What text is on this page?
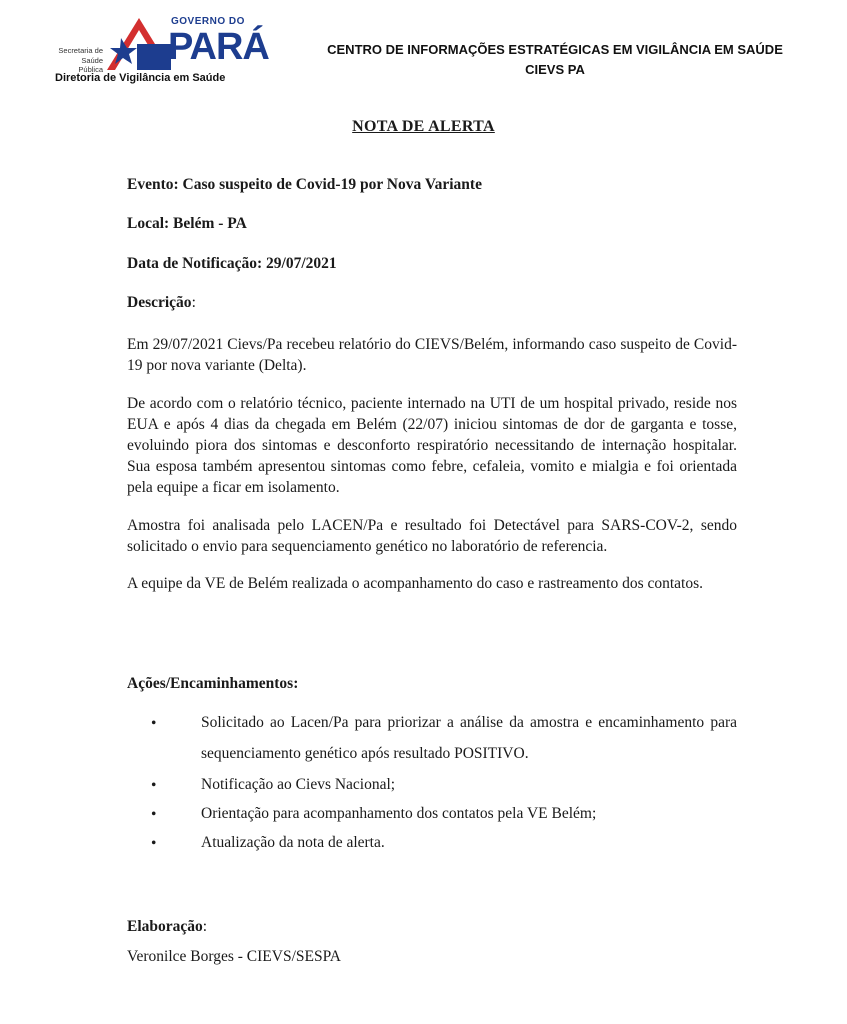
GOVERNO DO
PARÁ
Secretaria de
Saúde Pública
Diretoria de Vigilância em Saúde
CENTRO DE INFORMAÇÕES ESTRATÉGICAS EM VIGILÂNCIA EM SAÚDE
CIEVS PA
NOTA DE ALERTA
Evento: Caso suspeito de Covid-19 por Nova Variante
Local: Belém - PA
Data de Notificação: 29/07/2021
Descrição:
Em 29/07/2021 Cievs/Pa recebeu relatório do CIEVS/Belém, informando caso suspeito de Covid-19 por nova variante (Delta).
De acordo com o relatório técnico, paciente internado na UTI de um hospital privado, reside nos EUA e após 4 dias da chegada em Belém (22/07) iniciou sintomas de dor de garganta e tosse, evoluindo piora dos sintomas e desconforto respiratório necessitando de internação hospitalar. Sua esposa também apresentou sintomas como febre, cefaleia, vomito e mialgia e foi orientada pela equipe a ficar em isolamento.
Amostra foi analisada pelo LACEN/Pa e resultado foi Detectável para SARS-COV-2, sendo solicitado o envio para sequenciamento genético no laboratório de referencia.
A equipe da VE de Belém realizada o acompanhamento do caso e rastreamento dos contatos.
Ações/Encaminhamentos:
•	Solicitado ao Lacen/Pa para priorizar a análise da amostra e encaminhamento para sequenciamento genético após resultado POSITIVO.
•	Notificação ao Cievs Nacional;
•	Orientação para acompanhamento dos contatos pela VE Belém;
•	Atualização da nota de alerta.
Elaboração:
Veronilce Borges - CIEVS/SESPA
